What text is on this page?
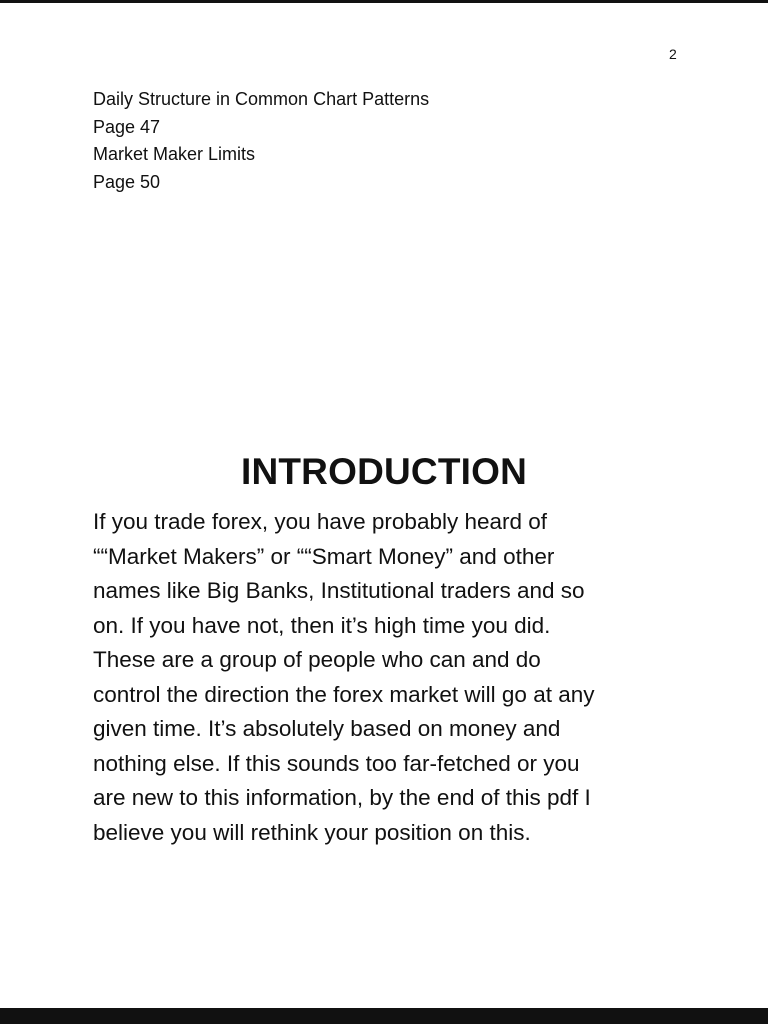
2
Daily Structure in Common Chart Patterns
Page 47
Market Maker Limits
Page 50
INTRODUCTION
If you trade forex, you have probably heard of
““Market Makers” or ““Smart Money” and other
names like Big Banks, Institutional traders and so
on. If you have not, then it’s high time you did.
These are a group of people who can and do
control the direction the forex market will go at any
given time. It’s absolutely based on money and
nothing else. If this sounds too far-fetched or you
are new to this information, by the end of this pdf I
believe you will rethink your position on this.
